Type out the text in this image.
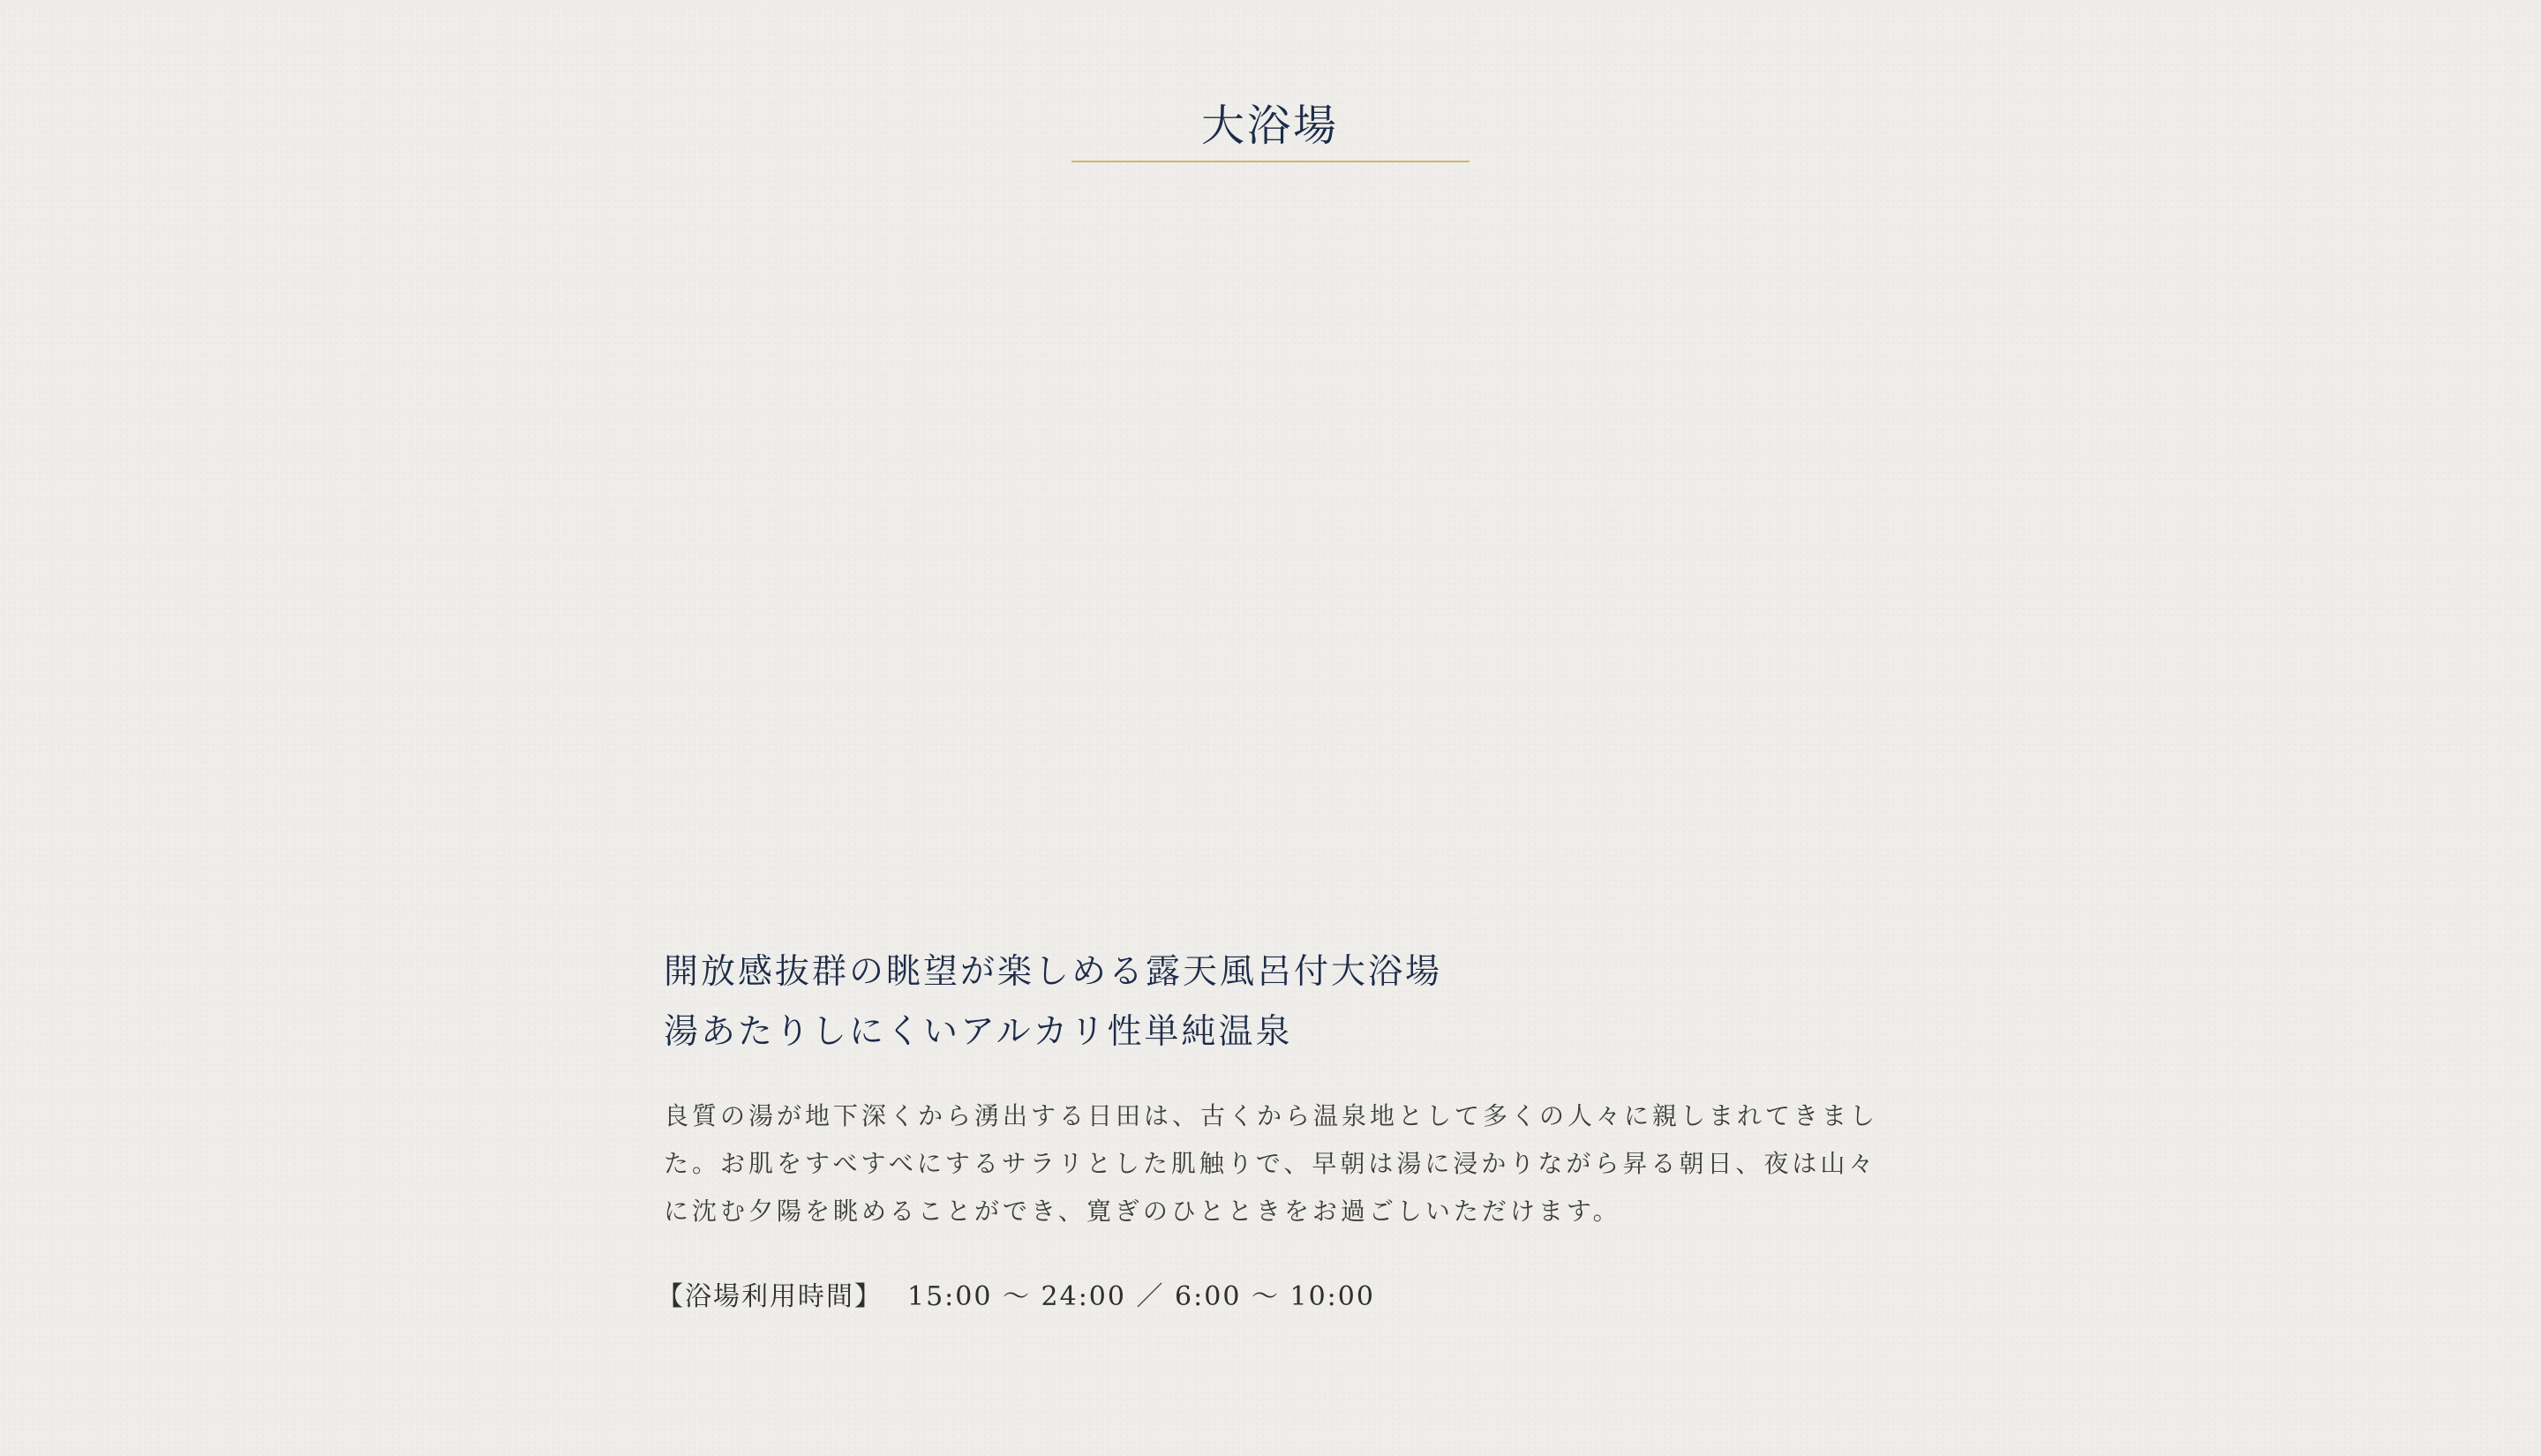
大浴場
開放感抜群の眺望が楽しめる露天風呂付大浴場
湯あたりしにくいアルカリ性単純温泉

良質の湯が地下深くから湧出する日田は、古くから温泉地として多くの人々に親しまれてきました。お肌をすべすべにするサラリとした肌触りで、早朝は湯に浸かりながら昇る朝日、夜は山々に沈む夕陽を眺めることができ、寛ぎのひとときをお過ごしいただけます。

【浴場利用時間】 15:00 〜 24:00 ／ 6:00 〜 10:00
